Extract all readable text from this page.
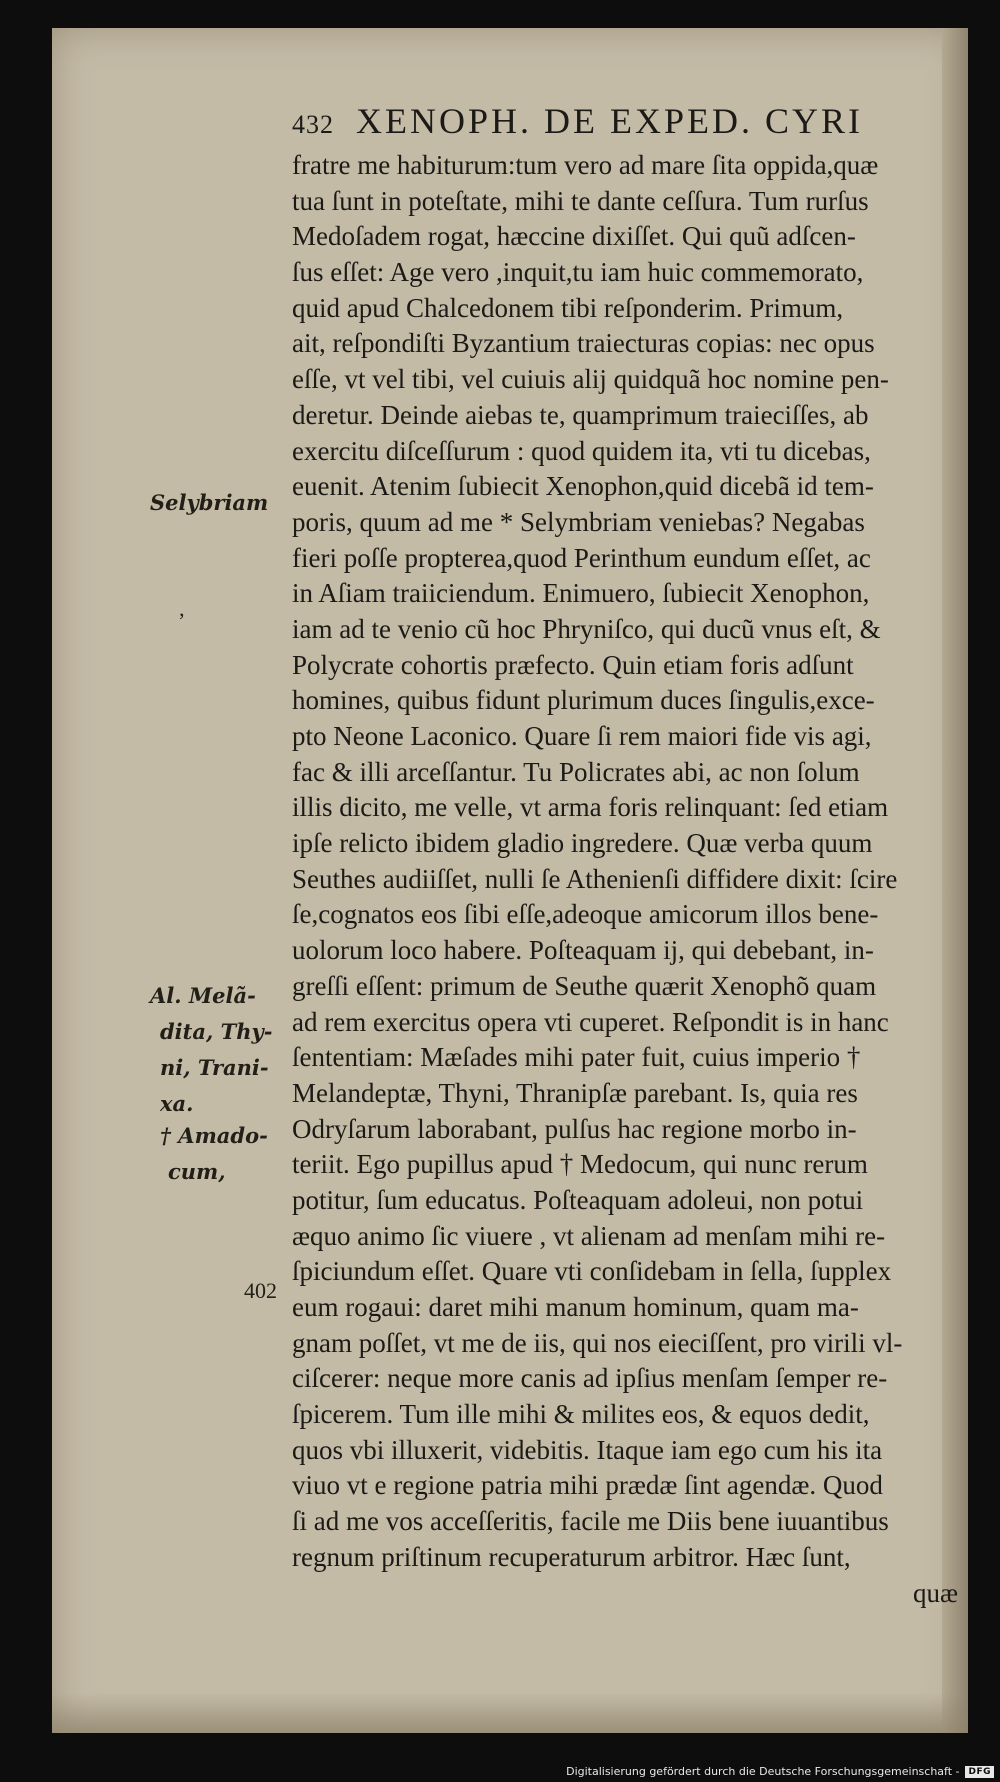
432 XENOPH. DE EXPED. CYRI
fratre me habiturum:tum vero ad mare ſita oppida,quæ
tua ſunt in poteſtate, mihi te dante ceſſura. Tum rurſus
Medoſadem rogat, hæccine dixiſſet. Qui quũ adſcen-
ſus eſſet: Age vero ,inquit,tu iam huic commemorato,
quid apud Chalcedonem tibi reſponderim. Primum,
ait, reſpondiſti Byzantium traiecturas copias: nec opus
eſſe, vt vel tibi, vel cuiuis alij quidquã hoc nomine pen-
deretur. Deinde aiebas te, quamprimum traieciſſes, ab
exercitu diſceſſurum : quod quidem ita, vti tu dicebas,
euenit. Atenim ſubiecit Xenophon,quid dicebã id tem-
poris, quum ad me * Selymbriam veniebas? Negabas
fieri poſſe propterea,quod Perinthum eundum eſſet, ac
in Aſiam traiiciendum. Enimuero, ſubiecit Xenophon,
iam ad te venio cũ hoc Phryniſco, qui ducũ vnus eſt, &
Polycrate cohortis præfecto. Quin etiam foris adſunt
homines, quibus fidunt plurimum duces ſingulis,exce-
pto Neone Laconico. Quare ſi rem maiori fide vis agi,
fac & illi arceſſantur. Tu Policrates abi, ac non ſolum
illis dicito, me velle, vt arma foris relinquant: ſed etiam
ipſe relicto ibidem gladio ingredere. Quæ verba quum
Seuthes audiiſſet, nulli ſe Athenienſi diffidere dixit: ſcire
ſe,cognatos eos ſibi eſſe,adeoque amicorum illos bene-
uolorum loco habere. Poſteaquam ij, qui debebant, in-
greſſi eſſent: primum de Seuthe quærit Xenophõ quam
ad rem exercitus opera vti cuperet. Reſpondit is in hanc
ſententiam: Mæſades mihi pater fuit, cuius imperio †
Melandeptæ, Thyni, Thranipſæ parebant. Is, quia res
Odryſarum laborabant, pulſus hac regione morbo in-
teriit. Ego pupillus apud † Medocum, qui nunc rerum
potitur, ſum educatus. Poſteaquam adoleui, non potui
æquo animo ſic viuere , vt alienam ad menſam mihi re-
ſpiciundum eſſet. Quare vti conſidebam in ſella, ſupplex
eum rogaui: daret mihi manum hominum, quam ma-
gnam poſſet, vt me de iis, qui nos eieciſſent, pro virili vl-
ciſcerer: neque more canis ad ipſius menſam ſemper re-
ſpicerem. Tum ille mihi & milites eos, & equos dedit,
quos vbi illuxerit, videbitis. Itaque iam ego cum his ita
viuo vt e regione patria mihi prædæ ſint agendæ. Quod
ſi ad me vos acceſſeritis, facile me Diis bene iuuantibus
regnum priſtinum recuperaturum arbitror. Hæc ſunt,
quæ
Selybriam
‚
Al. Melã-
dita, Thy-
ni, Trani-
xa.
† Amado-
cum,
402
Digitalisierung gefördert durch die Deutsche Forschungsgemeinschaft -	DFG
